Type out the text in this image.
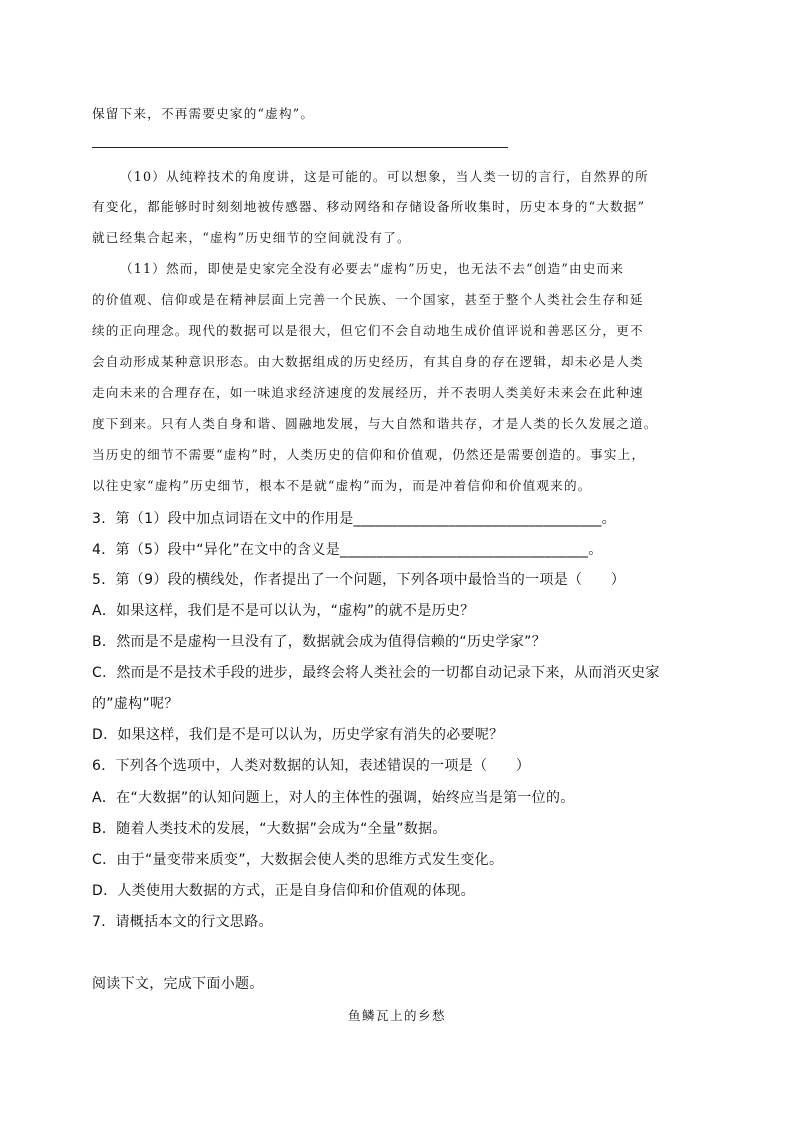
保留下来，不再需要史家的“虚构”。
（10）从纯粹技术的角度讲，这是可能的。可以想象，当人类一切的言行，自然界的所
有变化，都能够时时刻刻地被传感器、移动网络和存储设备所收集时，历史本身的“大数据”
就已经集合起来，“虚构”历史细节的空间就没有了。
（11）然而，即使是史家完全没有必要去“虚构”历史，也无法不去“创造”由史而来
的价值观、信仰或是在精神层面上完善一个民族、一个国家，甚至于整个人类社会生存和延
续的正向理念。现代的数据可以是很大，但它们不会自动地生成价值评说和善恶区分，更不
会自动形成某种意识形态。由大数据组成的历史经历，有其自身的存在逻辑，却未必是人类
走向未来的合理存在，如一味追求经济速度的发展经历，并不表明人类美好未来会在此种速
度下到来。只有人类自身和谐、圆融地发展，与大自然和谐共存，才是人类的长久发展之道。
当历史的细节不需要“虚构”时，人类历史的信仰和价值观，仍然还是需要创造的。事实上，
以往史家“虚构”历史细节，根本不是就“虚构”而为，而是冲着信仰和价值观来的。
3．第（1）段中加点词语在文中的作用是__________________________________。
4．第（5）段中“异化”在文中的含义是__________________________________。
5．第（9）段的横线处，作者提出了一个问题，下列各项中最恰当的一项是（　　）
A．如果这样，我们是不是可以认为，“虚构”的就不是历史？
B．然而是不是虚构一旦没有了，数据就会成为值得信赖的“历史学家”？
C．然而是不是技术手段的进步，最终会将人类社会的一切都自动记录下来，从而消灭史家
的”虚构”呢？
D．如果这样，我们是不是可以认为，历史学家有消失的必要呢？
6．下列各个选项中，人类对数据的认知，表述错误的一项是（　　）
A．在“大数据”的认知问题上，对人的主体性的强调，始终应当是第一位的。
B．随着人类技术的发展，“大数据”会成为“全量”数据。
C．由于“量变带来质变”，大数据会使人类的思维方式发生变化。
D．人类使用大数据的方式，正是自身信仰和价值观的体现。
7．请概括本文的行文思路。
阅读下文，完成下面小题。
鱼鳞瓦上的乡愁
